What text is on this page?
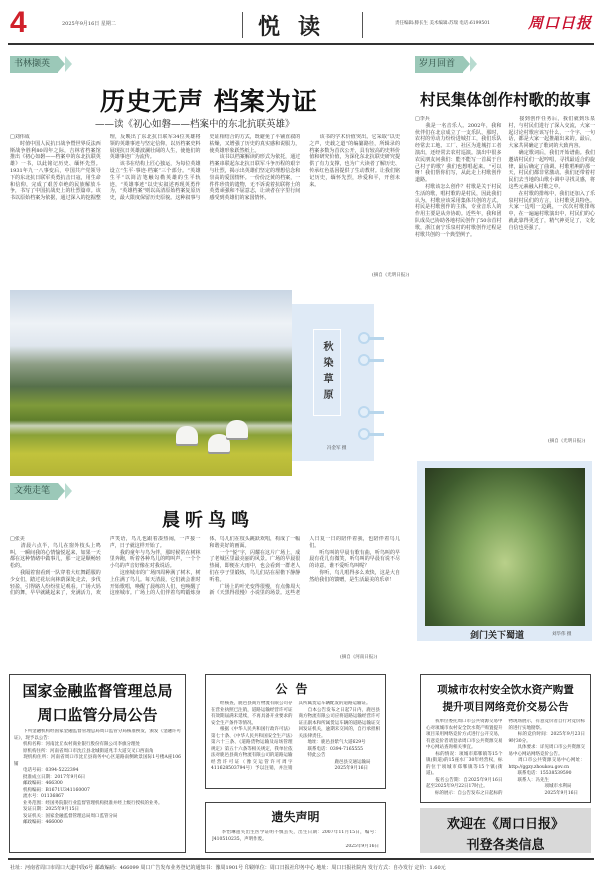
4	2025年9月16日 星期二	悦读	责任编辑:滕长生 美术编辑:苏瑞 电话:6199501	周口日报
书林撷英
历史无声 档案为证
——读《初心如磐——档案中的东北抗联英雄》
□刘伟成
　　时值中国人民抗日战争暨世界反法西斯战争胜利80周年之际，吉林省档案馆推出《初心如磐——档案中的东北抗联英雄》一书，以此铭记历史、缅怀先烈。1931年九一八事变后，中国共产党领导下的东北抗日联军英勇抗击日寇，用生命和信仰，完成了艰苦卓绝的民族解放斗争，书写了中国抗战史上的壮烈篇章。该书以原始档案为依据，通过深入的挖掘整理，反映出了东北抗日联军34位英雄将领的英雄事迹与坚定信仰，以历档案史料展现抗日英雄波澜壮阔的人生，使他们的英雄事迹广为流传。
　　该书在结构上匠心独运，为每位英雄设立“生平·事迹·档案”三个部分。“英雄生平”以简洁笔触勾勒英雄的生平轨迹，“英雄事迹”以史实叙述再现英勇作为，“英雄档案”则以高清原始档案复原历史，最大限度保留历史原貌。这种叙事与史证相结合的方式，既避免了平铺直叙的枯燥，又增强了历史的真实感和说服力，使英雄形象跃然纸上。
　　该书以档案解读的形式为依托，通过档案串联起东北抗日联军斗争历程的艰辛与壮烈，揭示出英雄们坚定的理想信念和崇高的爱国情怀。一份份泛黄的档案，一件件珍贵的遗物，无不诉说着抗联将士的英勇顽强和不屈意志，让读者在字里行间感受到英雄们的家国情怀。
　　该书的学术价值突出。它采取“以史之声，史载之道”的编纂路径，所辑录的档案多数为首次公开，具有较高的史料价值和研究价值，为深化东北抗联史研究提供了有力支撑，也为广大读者了解历史、传承红色基因提供了生动教材。让我们铭记历史，缅怀先烈，珍爱和平，开创未来。
(摘自《光明日报》)
秋染草原
冯金军 摄
文苑走笔
晨听鸟鸣
□张美
　　清晨六点半，鸟儿在窗外枝头上鸣叫，一瞬间我的心情愉悦起来，如果一天都在这种情绪中做事儿，那一定是顺畅轻松的。
　　我隔着窗看到一队穿着大红舞蹈服的少女们，踏过花坛向林荫深处走去，步伐轻盈，引得路人纷纷驻足观看。广场大妈们的舞，早早就跳起来了，充满活力，欢声笑语，鸟儿也跟着凑热闹，一声接一声，日子就这样开始了。
　　我的童年与鸟为伴，那时候常在树林里奔跑，听着各种鸟儿的鸣叫声，一个个小鸟的声音好像在对我说话。
　　这座城市的广场四周种满了树木，树上住满了鸟儿。每天清晨，它们就会准时开始歌唱，唤醒了晨练的人们，也唤醒了这座城市。广场上的人们伴着鸟鸣锻炼身体，鸟儿们在枝头跳跃欢唱，构成了一幅和谐美好的画面。
　　一个“悦”字，闪耀在这片广场上，成了老城区里最亮丽的风景。广场的早晨很热闹，即便在大雨中，也会看到一群老人们在亭子里锻炼，鸟儿们站在屋檐下静静听着。
　　广场上的叶光变得很慢，有点像周大新《天黑得很慢》小说里的场景。这些老人日复一日的陪伴着我，也陪伴着鸟儿们。
　　听鸟叫的早晨有歌有曲，听鸟叫的早晨有花儿有微笑，听鸟叫的早晨有说不尽的诗意，谁不爱听鸟叫呢？
　　你听，鸟儿唱得多么欢快，这是大自然给我们的馈赠，是生活最美的乐章！
(摘自《河南日报》)
岁月回首
村民集体创作村歌的故事
□李兵
　　我是一名音乐人。2002年，我和伙伴们在北京成立了一支乐队，那时，农村的劳动力纷纷进城打工，我们乐队经常去工地、工厂、社区为进城打工者演出，还经常去农村巡演。演出中很多农民朋友问我们：能不能写一首属于自己村子的歌？我们也想唱起来。“可以呀！我们帮你们写，从此走上村歌创作道路。
　　村歌该怎么创作？村歌是关于村民生活的歌，唱村歌的是村民，因此我们认为，村歌应该采用集体共创的方式。村民是村歌创作的主体，专业音乐人的作用主要是从旁协助。近些年，我和团队成员已协助各地村民创作了50余首村歌，浙江南宁乐泉村的村歌创作过程是村歌共创的一个典型例子。
　　接到创作任务后，我们就到乐泉村，与村民们进行了深入交流，大家一起讨论村歌应该写什么，一个字、一句话，都是大家一起推敲出来的。最后，大家共同确定了歌词的大致内容。
　　确定歌词后，我们开始谱曲。我们邀请村民们一起哼唱，寻找最适合的旋律，最后确定了曲调。村歌唱响的那一天，村民们都非常激动。我们还带着村民们去当地的山歌小调中寻找灵感，将这些元素融入村歌之中。
　　在村歌的排练中，我们还加入了乐泉村村民们的方言，让村歌更具特色。大家一边唱一边跳，一次次村歌排练中，在一遍遍村歌演出中，村民们的心就此靠得更近了，精气神更足了，文化自信也更强了。
(摘自《光明日报》)
剑门关下蜀道	刘毕伟 摄
国家金融监督管理总局
周口监管分局公告
　　下列金融机构经国家金融监督管理总局周口监管分局核准换发，颁发《金融许可证》，现予以公告：
　　机构名称：河南沈丘农村商业银行股份有限公司李旗分理处
　　原机构住所：河南省周口市沈丘县北城街道兆丰大道交叉口西南角
　　现机构住所：河南省周口市沈丘县商务中心区道路南侧欧景国际1号楼A座106铺
　　电话号码：0394-5222394
　　批准成立日期：2017年9月6日
　　邮政编码：466300
　　机构编码：B1671U341160007
　　流水号：01136867
　　业务范围：经国务院银行业监督管理机构批准并经上级行授权的业务。
　　发证日期：2025年9月15日
　　发证机关：国家金融监督管理总局周口监管分局
　　邮政编码：466000
公告
　　经核查，鹿邑县商方物流有限公司存在营业执照已注销，道路运输经营许可证有效期届满未延续，不再具备开业要求的安全生产条件等情况。
　　根据《中华人民共和国行政许可法》第七十条、《中华人民共和国安全生产法》第六十三条、《道路货物运输及站场管理规定》第五十六条等相关规定，我单位依法对鹿邑县商方物流有限公司的道路运输经营许可证（豫交运管许可周字411628503794号）予以注销，并注销其所属货运车辆配发的道路运输证。
　　自本公告发布之日起7日内，鹿邑县商方物流有限公司应将道路运输经营许可证正副本和所属货运车辆的道路运输证交回发证机关，逾期未交回的，自行承担相关法律责任。
　　地址：鹿邑县紫气大道629号
　　联系电话：0394-7165555
　　特此公告
　　　　　　　　鹿邑县交通运输局
　　　　　　　　2025年9月16日
项城市农村安全饮水资产购置
提升项目网络竞价交易公告
　　我单位委托周口市公共资源交易中心对项城市农村安全饮水资产购置提升项目采用网络竞价方式进行公开交易，有意竞价者请登录周口市公共资源交易中心网站查询相关事宜。
　　标的情况：项城市郑郸镇等15个镇(街道)的15座水厂30年经营权，标的位于项城市郑郸镇等15个镇(街道)。
　　报名公告期：自2025年9月16日起至2025年9月22日17时止。
　　标的展示：自公告发布之日起标的物现场展示，有意竞价者自行对竞价标的进行实地勘察。
　　标的竞价时间：2025年9月23日9时30分。
　　具体要求：详见周口市公共资源交易中心网站网络竞价公告。
　　周口市公共资源交易中心网址：http://ggzy.zhoukou.gov.cn
　　联系电话：15538539590
　　联系人：冯先生
　　　　　　　　项城市水利局
　　　　　　　　2025年9月16日
遗失声明
　　李怡琳遗失出生医学证明不慎丢失，出生日期：2007年11月15日，编号：J410510235，声明作废。
2025年9月16日
欢迎在《周口日报》
刊登各类信息
社址：河南省周口市周口大道中段6号 邮政编码：466099 周口广告发布业务登记的通知书：豫周1901号 印刷单位：周口日报社印务中心 地址：周口日报社院内 发行方式：自办发行 定价：1.60元
